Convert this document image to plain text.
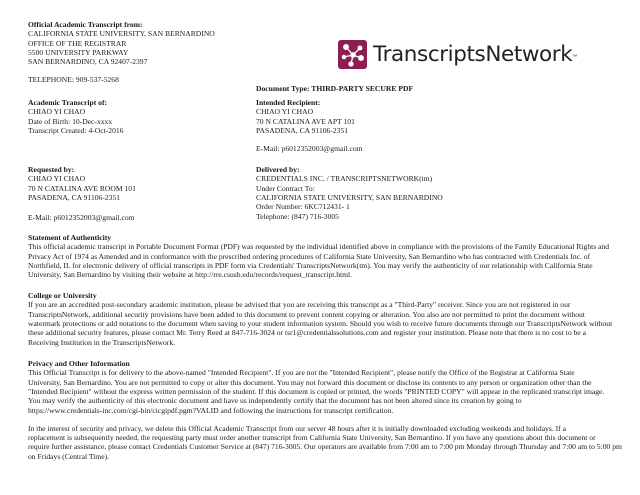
Official Academic Transcript from:
CALIFORNIA STATE UNIVERSITY, SAN BERNARDINO
OFFICE OF THE REGISTRAR
5500 UNIVERSITY PARKWAY
SAN BERNARDINO, CA 92407-2397
TELEPHONE: 909-537-5268
TranscriptsNetwork ™
Document Type: THIRD-PARTY SECURE PDF
Academic Transcript of:
CHIAO YI CHAO
Date of Birth: 10-Dec-xxxx
Transcript Created: 4-Oct-2016
Intended Recipient:
CHIAO YI CHAO
70 N CATALINA AVE APT 101
PASADENA, CA 91106-2351
E-Mail: p6012352003@gmail.com
Requested by:
CHIAO YI CHAO
70 N CATALINA AVE ROOM 101
PASADENA, CA 91106-2351
E-Mail: p6012352003@gmail.com
Delivered by:
CREDENTIALS INC. / TRANSCRIPTSNETWORK(tm)
Under Contract To:
CALIFORNIA STATE UNIVERSITY, SAN BERNARDINO
Order Number: 6KC712431- 1
Telephone: (847) 716-3005
Statement of Authenticity
This official academic transcript in Portable Document Format (PDF) was requested by the individual identified above in compliance with the provisions of the Family Educational Rights and
Privacy Act of 1974 as Amended and in conformance with the prescribed ordering procedures of California State University, San Bernardino who has contracted with Credentials Inc. of
Northfield, IL for electronic delivery of official transcripts in PDF form via Credentials' TranscriptsNetwork(tm). You may verify the authenticity of our relationship with California State
University, San Bernardino by visiting their website at http://rre.csusb.edu/records/request_transcript.html.
College or University
If you are an accredited post-secondary academic institution, please be advised that you are receiving this transcript as a "Third-Party" receiver. Since you are not registered in our
TranscriptsNetwork, additional security provisions have been added to this document to prevent content copying or alteration. You also are not permitted to print the document without
watermark protections or add notations to the document when saving to your student information system. Should you wish to receive future documents through our TranscriptsNetwork without
these additional security features, please contact Mr. Terry Reed at 847-716-3024 or tsr1@credentialssolutions.com and register your institution. Please note that there is no cost to be a
Receiving Institution in the TranscriptsNetwork.
Privacy and Other Information
This Official Transcript is for delivery to the above-named "Intended Recipient". If you are not the "Intended Recipient", please notify the Office of the Registrar at California State
University, San Bernardino. You are not permitted to copy or alter this document. You may not forward this document or disclose its contents to any person or organization other than the
"Intended Recipient" without the express written permission of the student. If this document is copied or printed, the words "PRINTED COPY" will appear in the replicated transcript image.
You may verify the authenticity of this electronic document and have us independently certify that the document has not been altered since its creation by going to
https://www.credentials-inc.com/cgi-bin/cicgipdf.pgm?VALID and following the instructions for transcript certification.
In the interest of security and privacy, we delete this Official Academic Transcript from our server 48 hours after it is initially downloaded excluding weekends and holidays. If a
replacement is subsequently needed, the requesting party must order another transcript from California State University, San Bernardino. If you have any questions about this document or
require further assistance, please contact Credentials Customer Service at (847) 716-3005. Our operators are available from 7:00 am to 7:00 pm Monday through Thursday and 7:00 am to 5:00 pm
on Fridays (Central Time).
